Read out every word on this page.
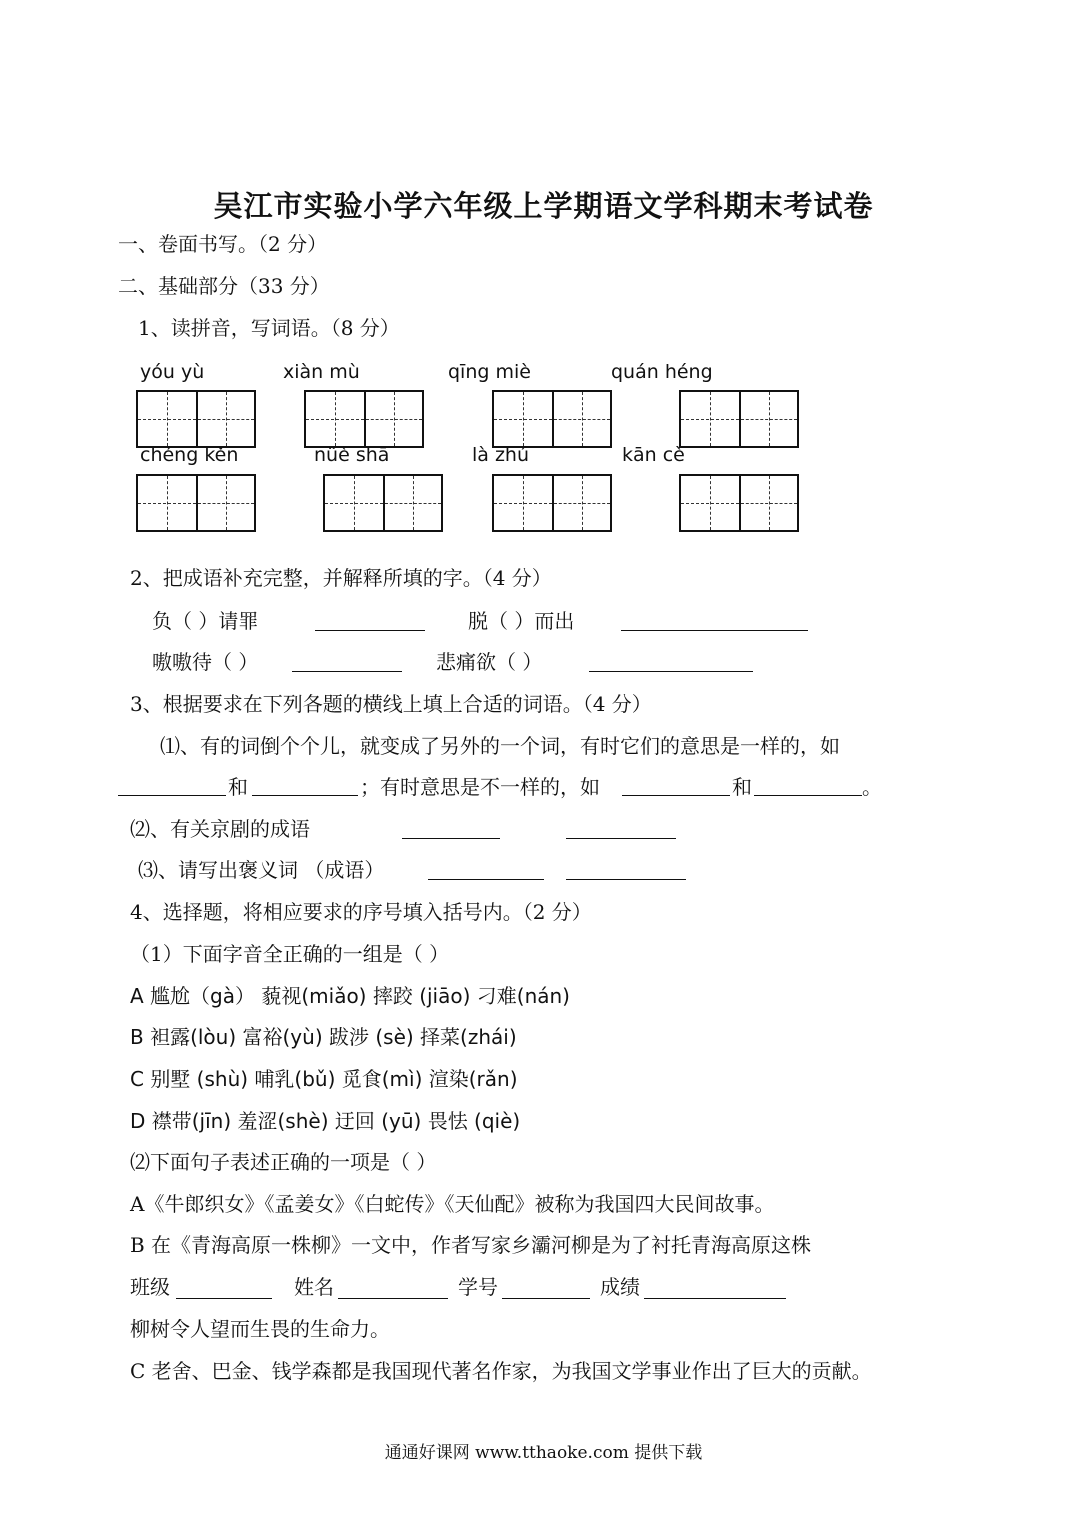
吴江市实验小学六年级上学期语文学科期末考试卷
一、卷面书写。（2 分）
二、基础部分（33 分）
1、读拼音，写词语。（8 分）
yóu yù	xiàn mù	qīng miè	quán héng
chéng kěn	nüè shā	là zhú	kān cè
2、把成语补充完整，并解释所填的字。（4 分）
负（ ）请罪	脱（ ）而出
嗷嗷待（ ）	悲痛欲（ ）
3、根据要求在下列各题的横线上填上合适的词语。（4 分）
⑴、有的词倒个个儿，就变成了另外的一个词，有时它们的意思是一样的，如
和	；有时意思是不一样的，如	和	。
⑵、有关京剧的成语
⑶、请写出褒义词 （成语）
4、选择题，将相应要求的序号填入括号内。（2 分）
（1）下面字音全正确的一组是（ ）
A 尴尬（gà） 藐视(miǎo) 摔跤 (jiāo) 刁难(nán)
B 袒露(lòu) 富裕(yù) 跋涉 (sè) 择菜(zhái)
C 别墅 (shù) 哺乳(bǔ) 觅食(mì) 渲染(rǎn)
D 襟带(jīn) 羞涩(shè) 迂回 (yū) 畏怯 (qiè)
⑵下面句子表述正确的一项是（ ）
A《牛郎织女》《孟姜女》《白蛇传》《天仙配》被称为我国四大民间故事。
B 在《青海高原一株柳》一文中，作者写家乡灞河柳是为了衬托青海高原这株
班级	姓名	学号	成绩
柳树令人望而生畏的生命力。
C 老舍、巴金、钱学森都是我国现代著名作家，为我国文学事业作出了巨大的贡献。
通通好课网 www.tthaoke.com 提供下载
